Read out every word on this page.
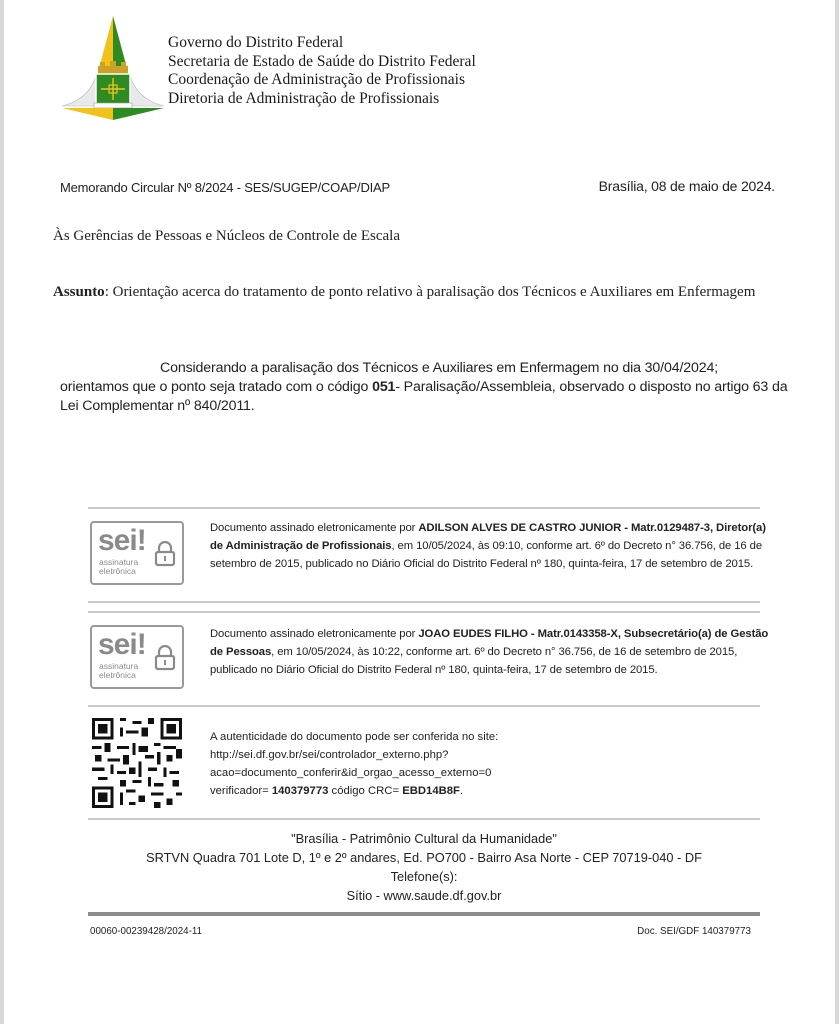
Governo do Distrito Federal
Secretaria de Estado de Saúde do Distrito Federal
Coordenação de Administração de Profissionais
Diretoria de Administração de Profissionais
Memorando Circular Nº 8/2024 - SES/SUGEP/COAP/DIAP	Brasília, 08 de maio de 2024.
Às Gerências de Pessoas e Núcleos de Controle de Escala
Assunto: Orientação acerca do tratamento de ponto relativo à paralisação dos Técnicos e Auxiliares em Enfermagem
Considerando a paralisação dos Técnicos e Auxiliares em Enfermagem no dia 30/04/2024; orientamos que o ponto seja tratado com o código 051- Paralisação/Assembleia, observado o disposto no artigo 63 da Lei Complementar nº 840/2011.
sei!
assinatura
eletrônica
Documento assinado eletronicamente por ADILSON ALVES DE CASTRO JUNIOR - Matr.0129487-3, Diretor(a) de Administração de Profissionais, em 10/05/2024, às 09:10, conforme art. 6º do Decreto n° 36.756, de 16 de setembro de 2015, publicado no Diário Oficial do Distrito Federal nº 180, quinta-feira, 17 de setembro de 2015.
sei!
assinatura
eletrônica
Documento assinado eletronicamente por JOAO EUDES FILHO - Matr.0143358-X, Subsecretário(a) de Gestão de Pessoas, em 10/05/2024, às 10:22, conforme art. 6º do Decreto n° 36.756, de 16 de setembro de 2015, publicado no Diário Oficial do Distrito Federal nº 180, quinta-feira, 17 de setembro de 2015.
A autenticidade do documento pode ser conferida no site:
http://sei.df.gov.br/sei/controlador_externo.php?
acao=documento_conferir&id_orgao_acesso_externo=0
verificador= 140379773 código CRC= EBD14B8F.
"Brasília - Patrimônio Cultural da Humanidade"
SRTVN Quadra 701 Lote D, 1º e 2º andares, Ed. PO700 - Bairro Asa Norte - CEP 70719-040 - DF
Telefone(s):
Sítio - www.saude.df.gov.br
00060-00239428/2024-11	Doc. SEI/GDF 140379773
